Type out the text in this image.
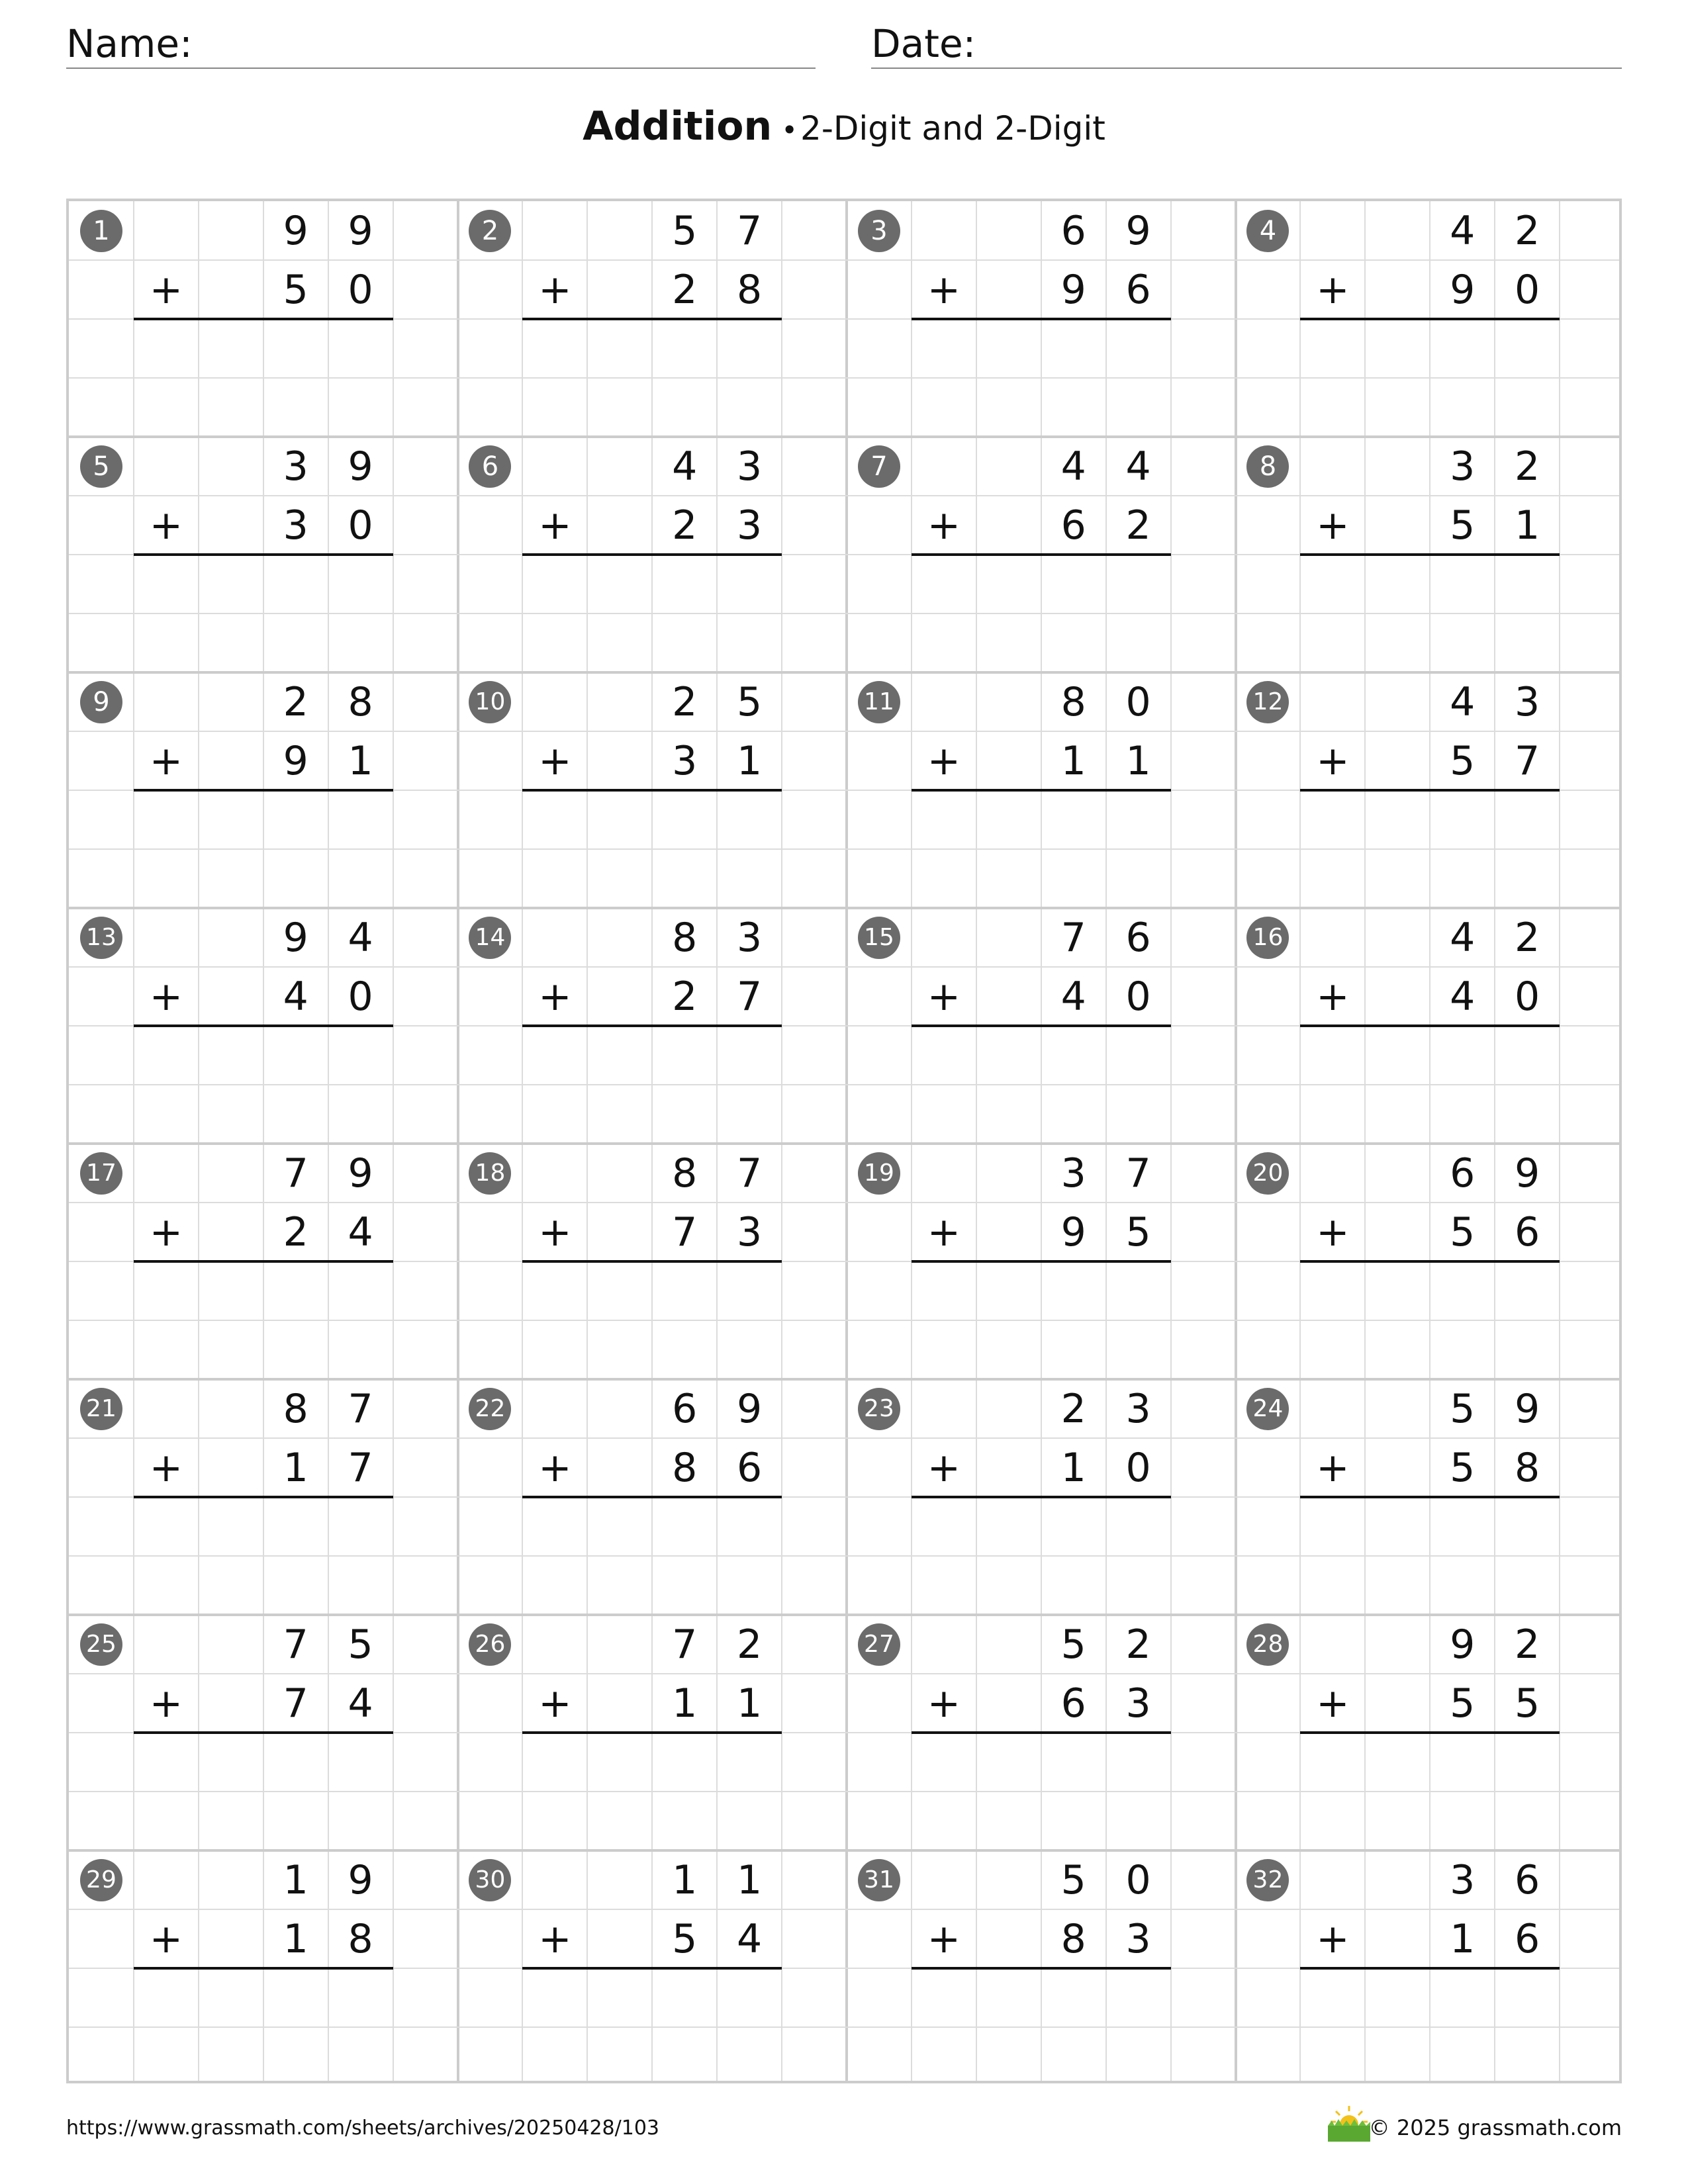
Name:	Date:
Addition •2-Digit and 2-Digit
1	9 9
+	5 0
2	5 7
+	2 8
3	6 9
+	9 6
4	4 2
+	9 0
5	3 9
+	3 0
6	4 3
+	2 3
7	4 4
+	6 2
8	3 2
+	5 1
9	2 8
+	9 1
10	2 5
+	3 1
11	8 0
+	1 1
12	4 3
+	5 7
13	9 4
+	4 0
14	8 3
+	2 7
15	7 6
+	4 0
16	4 2
+	4 0
17	7 9
+	2 4
18	8 7
+	7 3
19	3 7
+	9 5
20	6 9
+	5 6
21	8 7
+	1 7
22	6 9
+	8 6
23	2 3
+	1 0
24	5 9
+	5 8
25	7 5
+	7 4
26	7 2
+	1 1
27	5 2
+	6 3
28	9 2
+	5 5
29	1 9
+	1 8
30	1 1
+	5 4
31	5 0
+	8 3
32	3 6
+	1 6
https://www.grassmath.com/sheets/archives/20250428/103	© 2025 grassmath.com
